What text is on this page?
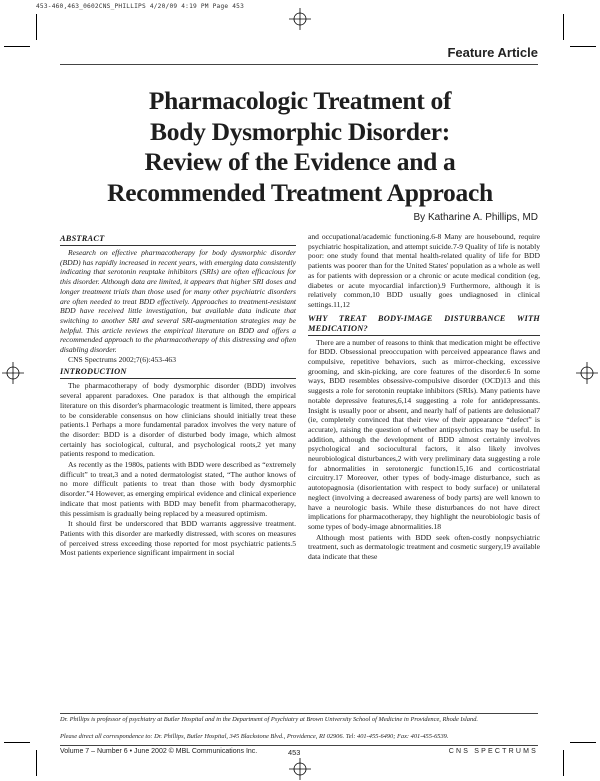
453-460,463_0602CNS_PHILLIPS 4/20/09 4:19 PM Page 453
Feature Article
Pharmacologic Treatment of
Body Dysmorphic Disorder:
Review of the Evidence and a
Recommended Treatment Approach
By Katharine A. Phillips, MD
ABSTRACT

Research on effective pharmacotherapy for body dysmorphic disorder (BDD) has rapidly increased in recent years, with emerging data consistently indicating that serotonin reuptake inhibitors (SRIs) are often efficacious for this disorder. Although data are limited, it appears that higher SRI doses and longer treatment trials than those used for many other psychiatric disorders are often needed to treat BDD effectively. Approaches to treatment-resistant BDD have received little investigation, but available data indicate that switching to another SRI and several SRI-augmentation strategies may be helpful. This article reviews the empirical literature on BDD and offers a recommended approach to the pharmacotherapy of this distressing and often disabling disorder.

CNS Spectrums 2002;7(6):453-463

INTRODUCTION

The pharmacotherapy of body dysmorphic disorder (BDD) involves several apparent paradoxes. One paradox is that although the empirical literature on this disorder's pharmacologic treatment is limited, there appears to be considerable consensus on how clinicians should initially treat these patients.1 Perhaps a more fundamental paradox involves the very nature of the disorder: BDD is a disorder of disturbed body image, which almost certainly has sociological, cultural, and psychological roots,2 yet many patients respond to medication.

As recently as the 1980s, patients with BDD were described as “extremely difficult” to treat,3 and a noted dermatologist stated, “The author knows of no more difficult patients to treat than those with body dysmorphic disorder.”4 However, as emerging empirical evidence and clinical experience indicate that most patients with BDD may benefit from pharmacotherapy, this pessimism is gradually being replaced by a measured optimism.

It should first be underscored that BDD warrants aggressive treatment. Patients with this disorder are markedly distressed, with scores on measures of perceived stress exceeding those reported for most psychiatric patients.5 Most patients experience significant impairment in social

and occupational/academic functioning.6-8 Many are housebound, require psychiatric hospitalization, and attempt suicide.7-9 Quality of life is notably poor: one study found that mental health-related quality of life for BDD patients was poorer than for the United States' population as a whole as well as for patients with depression or a chronic or acute medical condition (eg, diabetes or acute myocardial infarction).9 Furthermore, although it is relatively common,10 BDD usually goes undiagnosed in clinical settings.11,12

WHY TREAT BODY-IMAGE DISTURBANCE WITH MEDICATION?

There are a number of reasons to think that medication might be effective for BDD. Obsessional preoccupation with perceived appearance flaws and compulsive, repetitive behaviors, such as mirror-checking, excessive grooming, and skin-picking, are core features of the disorder.6 In some ways, BDD resembles obsessive-compulsive disorder (OCD)13 and this suggests a role for serotonin reuptake inhibitors (SRIs). Many patients have notable depressive features,6,14 suggesting a role for antidepressants. Insight is usually poor or absent, and nearly half of patients are delusional7 (ie, completely convinced that their view of their appearance “defect” is accurate), raising the question of whether antipsychotics may be useful. In addition, although the development of BDD almost certainly involves psychological and sociocultural factors, it also likely involves neurobiological disturbances,2 with very preliminary data suggesting a role for abnormalities in serotonergic function15,16 and corticostriatal circuitry.17 Moreover, other types of body-image disturbance, such as autotopagnosia (disorientation with respect to body surface) or unilateral neglect (involving a decreased awareness of body parts) are well known to have a neurologic basis. While these disturbances do not have direct implications for pharmacotherapy, they highlight the neurobiologic basis of some types of body-image abnormalities.18

Although most patients with BDD seek often-costly nonpsychiatric treatment, such as dermatologic treatment and cosmetic surgery,19 available data indicate that these

Dr. Phillips is professor of psychiatry at Butler Hospital and in the Department of Psychiatry at Brown University School of Medicine in Providence, Rhode Island.

Please direct all correspondence to: Dr. Phillips, Butler Hospital, 345 Blackstone Blvd., Providence, RI 02906. Tel: 401-455-6490; Fax: 401-455-6539.

Volume 7 – Number 6 • June 2002 © MBL Communications Inc.	453	CNS SPECTRUMS
